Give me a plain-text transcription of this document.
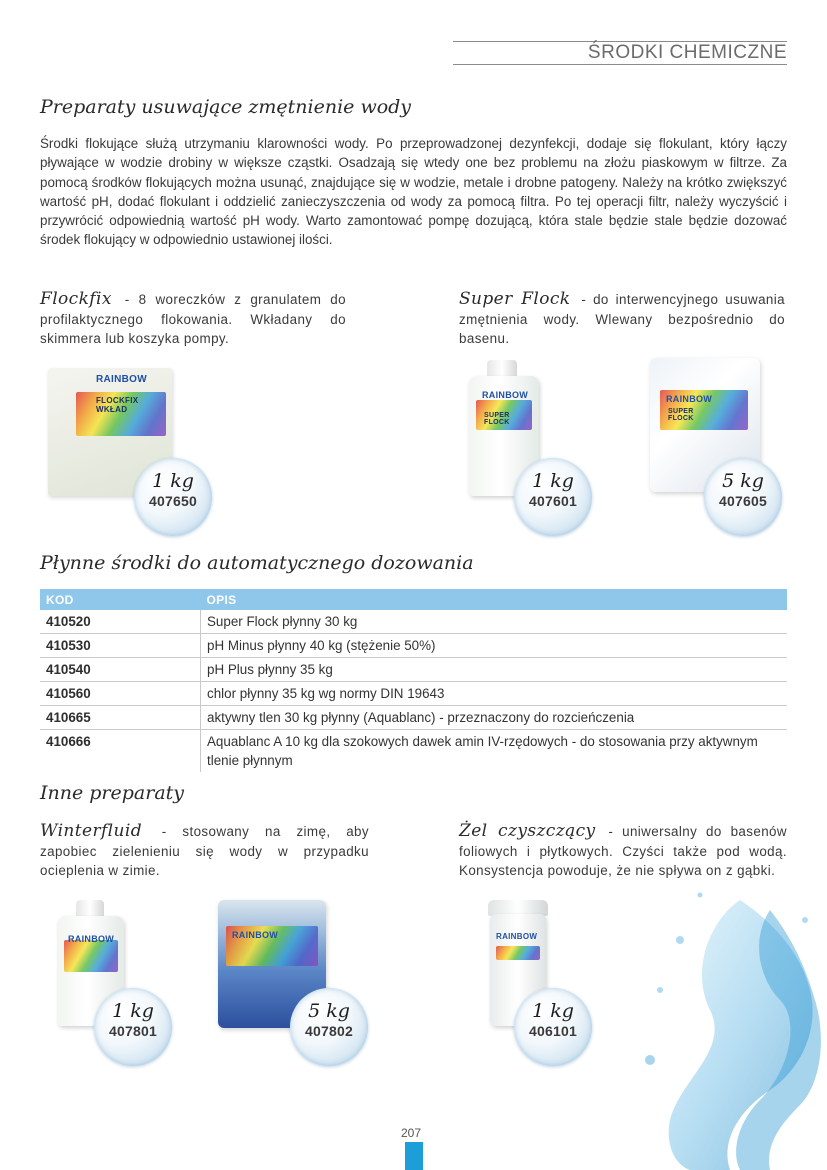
ŚRODKI CHEMICZNE
Preparaty usuwające zmętnienie wody
Środki flokujące służą utrzymaniu klarowności wody. Po przeprowadzonej dezynfekcji, dodaje się flokulant, który łączy pływające w wodzie drobiny w większe cząstki. Osadzają się wtedy one bez problemu na złożu piaskowym w filtrze. Za pomocą środków flokujących można usunąć, znajdujące się w wodzie, metale i drobne patogeny. Należy na krótko zwiększyć wartość pH, dodać flokulant i oddzielić zanieczyszczenia od wody za pomocą filtra. Po tej operacji filtr, należy wyczyścić i przywrócić odpowiednią wartość pH wody. Warto zamontować pompę dozującą, która stale będzie stale będzie dozować środek flokujący w odpowiednio ustawionej ilości.
Flockfix - 8 woreczków z granulatem do profilaktycznego flokowania. Wkładany do skimmera lub koszyka pompy.
Super Flock - do interwencyjnego usuwania zmętnienia wody. Wlewany bezpośrednio do basenu.
RAINBOW
FLOCKFIX WKŁAD
1 kg
407650
RAINBOW
SUPER FLOCK
1 kg
407601
RAINBOW
SUPER FLOCK
5 kg
407605
Płynne środki do automatycznego dozowania
KOD	OPIS
410520	Super Flock płynny 30 kg
410530	pH Minus płynny 40 kg (stężenie 50%)
410540	pH Plus płynny 35 kg
410560	chlor płynny 35 kg wg normy DIN 19643
410665	aktywny tlen 30 kg płynny (Aquablanc) - przeznaczony do rozcieńczenia
410666	Aquablanc A 10 kg dla szokowych dawek amin IV-rzędowych - do stosowania przy aktywnym tlenie płynnym
Inne preparaty
Winterfluid - stosowany na zimę, aby zapobiec zielenieniu się wody w przypadku ocieplenia w zimie.
Żel czyszczący - uniwersalny do basenów foliowych i płytkowych. Czyści także pod wodą. Konsystencja powoduje, że nie spływa on z gąbki.
RAINBOW
1 kg
407801
RAINBOW
5 kg
407802
RAINBOW
1 kg
406101
207
